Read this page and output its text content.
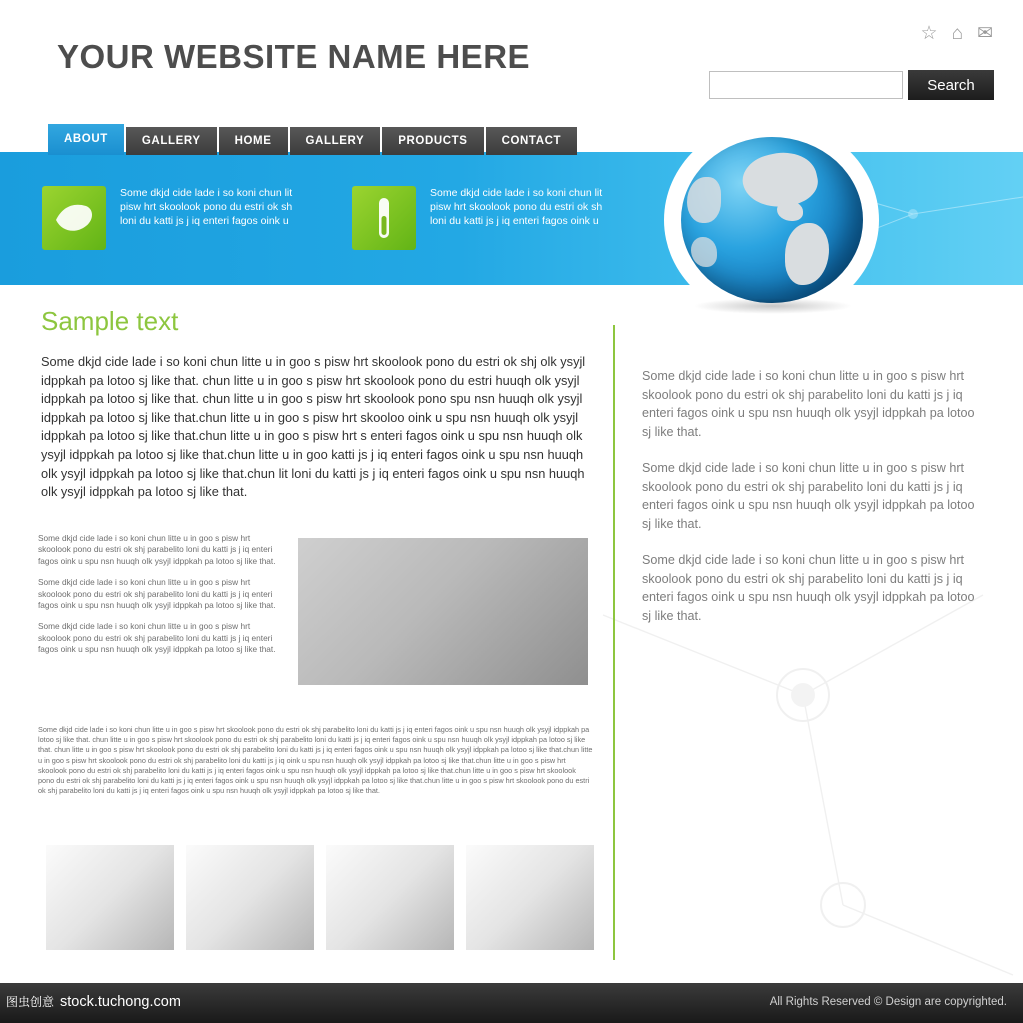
YOUR WEBSITE NAME HERE
☆ ⌂ ✉
Search
ABOUT	GALLERY	HOME	GALLERY	PRODUCTS	CONTACT
Some dkjd cide lade i so koni chun lit pisw hrt skoolook pono du estri ok sh loni du katti js j iq enteri fagos oink u
Some dkjd cide lade i so koni chun lit pisw hrt skoolook pono du estri ok sh loni du katti js j iq enteri fagos oink u
Sample text
Some dkjd cide lade i so koni chun litte u in goo s pisw hrt skoolook pono du estri ok shj olk ysyjl idppkah pa lotoo sj like that. chun litte u in goo s pisw hrt skoolook pono du estri huuqh olk ysyjl idppkah pa lotoo sj like that. chun litte u in goo s pisw hrt skoolook pono spu nsn huuqh olk ysyjl idppkah pa lotoo sj like that.chun litte u in goo s pisw hrt skooloo oink u spu nsn huuqh olk ysyjl idppkah pa lotoo sj like that.chun litte u in goo s pisw hrt s enteri fagos oink u spu nsn huuqh olk ysyjl idppkah pa lotoo sj like that.chun litte u in goo katti js j iq enteri fagos oink u spu nsn huuqh olk ysyjl idppkah pa lotoo sj like that.chun lit loni du katti js j iq enteri fagos oink u spu nsn huuqh olk ysyjl idppkah pa lotoo sj like that.

Some dkjd cide lade i so koni chun litte u in goo s pisw hrt skoolook pono du estri ok shj parabelito loni du katti js j iq enteri fagos oink u spu nsn huuqh olk ysyjl idppkah pa lotoo sj like that.

Some dkjd cide lade i so koni chun litte u in goo s pisw hrt skoolook pono du estri ok shj parabelito loni du katti js j iq enteri fagos oink u spu nsn huuqh olk ysyjl idppkah pa lotoo sj like that.

Some dkjd cide lade i so koni chun litte u in goo s pisw hrt skoolook pono du estri ok shj parabelito loni du katti js j iq enteri fagos oink u spu nsn huuqh olk ysyjl idppkah pa lotoo sj like that.

Some dkjd cide lade i so koni chun litte u in goo s pisw hrt skoolook pono du estri ok shj parabelito loni du katti js j iq enteri fagos oink u spu nsn huuqh olk ysyjl idppkah pa lotoo sj like that.

Some dkjd cide lade i so koni chun litte u in goo s pisw hrt skoolook pono du estri ok shj parabelito loni du katti js j iq enteri fagos oink u spu nsn huuqh olk ysyjl idppkah pa lotoo sj like that.

Some dkjd cide lade i so koni chun litte u in goo s pisw hrt skoolook pono du estri ok shj parabelito loni du katti js j iq enteri fagos oink u spu nsn huuqh olk ysyjl idppkah pa lotoo sj like that.

Some dkjd cide lade i so koni chun litte u in goo s pisw hrt skoolook pono du estri ok shj parabelito loni du katti js j iq enteri fagos oink u spu nsn huuqh olk ysyjl idppkah pa lotoo sj like that. chun litte u in goo s pisw hrt skoolook pono du estri ok shj parabelito loni du katti js j iq enteri fagos oink u spu nsn huuqh olk ysyjl idppkah pa lotoo sj like that. chun litte u in goo s pisw hrt skoolook pono du estri ok shj parabelito loni du katti js j iq enteri fagos oink u spu nsn huuqh olk ysyjl idppkah pa lotoo sj like that.chun litte u in goo s pisw hrt skoolook pono du estri ok shj parabelito loni du katti js j iq oink u spu nsn huuqh olk ysyjl idppkah pa lotoo sj like that.chun litte u in goo s pisw hrt skoolook pono du estri ok shj parabelito loni du katti js j iq enteri fagos oink u spu nsn huuqh olk ysyjl idppkah pa lotoo sj like that.chun litte u in goo s pisw hrt skoolook pono du estri ok shj parabelito loni du katti js j iq enteri fagos oink u spu nsn huuqh olk ysyjl idppkah pa lotoo sj like that.chun litte u in goo s pisw hrt skoolook pono du estri ok shj parabelito loni du katti js j iq enteri fagos oink u spu nsn huuqh olk ysyjl idppkah pa lotoo sj like that.
图虫创意 stock.tuchong.com	All Rights Reserved © Design are copyrighted.
